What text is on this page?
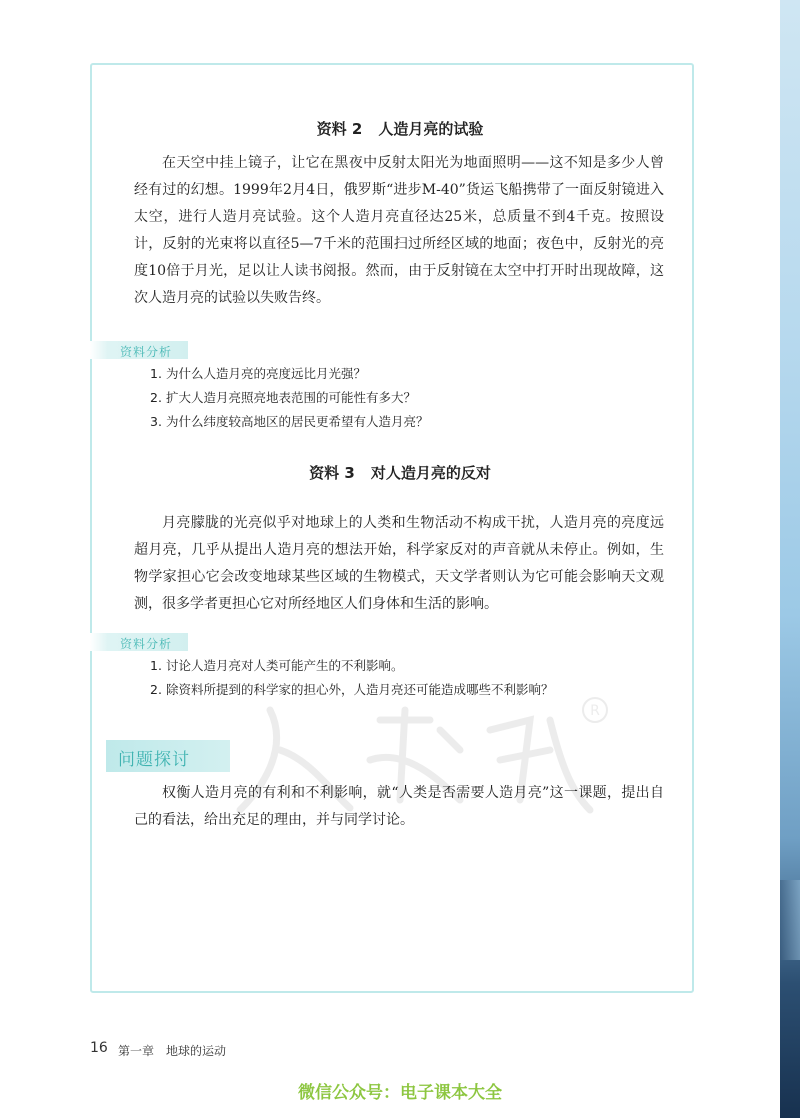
资料 2 人造月亮的试验

在天空中挂上镜子，让它在黑夜中反射太阳光为地面照明——这不知是多少人曾经有过的幻想。1999年2月4日，俄罗斯“进步M-40”货运飞船携带了一面反射镜进入太空，进行人造月亮试验。这个人造月亮直径达25米，总质量不到4千克。按照设计，反射的光束将以直径5—7千米的范围扫过所经区域的地面；夜色中，反射光的亮度10倍于月光，足以让人读书阅报。然而，由于反射镜在太空中打开时出现故障，这次人造月亮的试验以失败告终。

资料分析
1. 为什么人造月亮的亮度远比月光强？
2. 扩大人造月亮照亮地表范围的可能性有多大？
3. 为什么纬度较高地区的居民更希望有人造月亮？
资料 3 对人造月亮的反对

月亮朦胧的光亮似乎对地球上的人类和生物活动不构成干扰，人造月亮的亮度远超月亮，几乎从提出人造月亮的想法开始，科学家反对的声音就从未停止。例如，生物学家担心它会改变地球某些区域的生物模式，天文学者则认为它可能会影响天文观测，很多学者更担心它对所经地区人们身体和生活的影响。

资料分析
1. 讨论人造月亮对人类可能产生的不利影响。
2. 除资料所提到的科学家的担心外，人造月亮还可能造成哪些不利影响？
R
问题探讨

权衡人造月亮的有利和不利影响，就“人类是否需要人造月亮”这一课题，提出自己的看法，给出充足的理由，并与同学讨论。

16 第一章 地球的运动
微信公众号：电子课本大全
